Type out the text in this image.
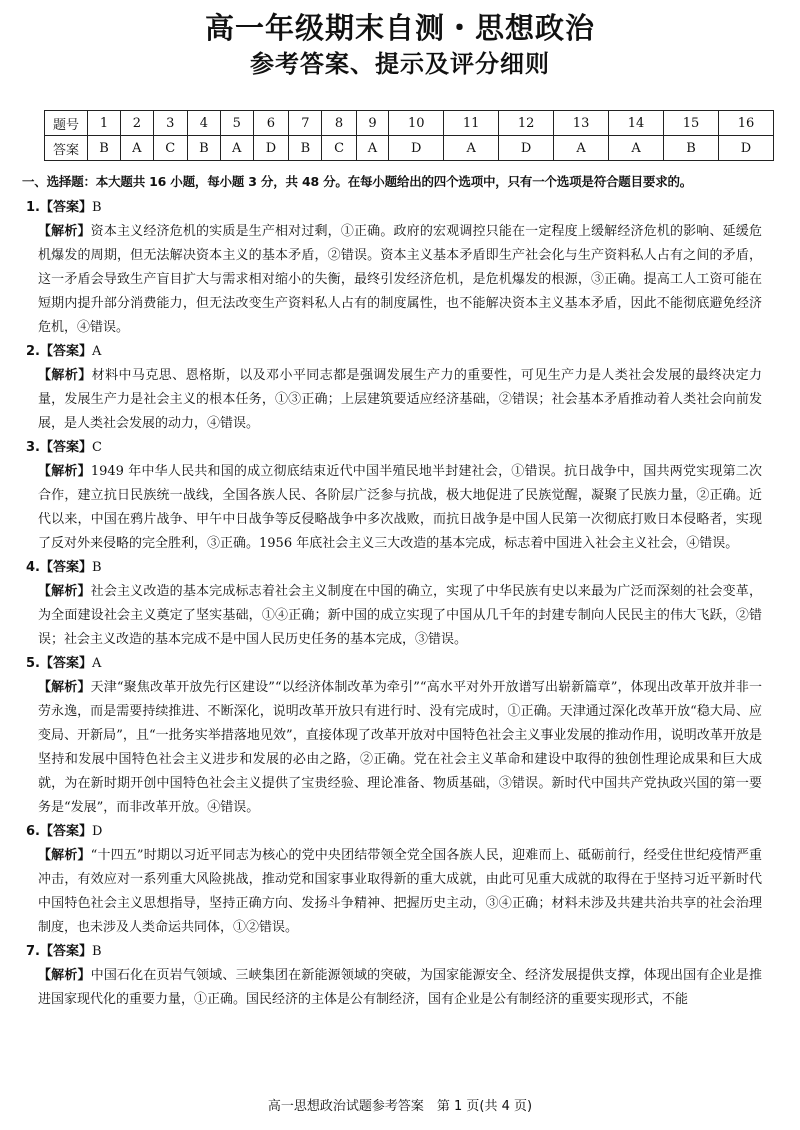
高一年级期末自测・思想政治
参考答案、提示及评分细则
题号	1	2	3	4	5	6	7	8	9	10	11	12	13	14	15	16
答案	B	A	C	B	A	D	B	C	A	D	A	D	A	A	B	D
一、选择题：本大题共 16 小题，每小题 3 分，共 48 分。在每小题给出的四个选项中，只有一个选项是符合题目要求的。

1.【答案】B

【解析】资本主义经济危机的实质是生产相对过剩，①正确。政府的宏观调控只能在一定程度上缓解经济危机的影响、延缓危机爆发的周期，但无法解决资本主义的基本矛盾，②错误。资本主义基本矛盾即生产社会化与生产资料私人占有之间的矛盾，这一矛盾会导致生产盲目扩大与需求相对缩小的失衡，最终引发经济危机，是危机爆发的根源，③正确。提高工人工资可能在短期内提升部分消费能力，但无法改变生产资料私人占有的制度属性，也不能解决资本主义基本矛盾，因此不能彻底避免经济危机，④错误。

2.【答案】A

【解析】材料中马克思、恩格斯，以及邓小平同志都是强调发展生产力的重要性，可见生产力是人类社会发展的最终决定力量，发展生产力是社会主义的根本任务，①③正确；上层建筑要适应经济基础，②错误；社会基本矛盾推动着人类社会向前发展，是人类社会发展的动力，④错误。

3.【答案】C

【解析】1949 年中华人民共和国的成立彻底结束近代中国半殖民地半封建社会，①错误。抗日战争中，国共两党实现第二次合作，建立抗日民族统一战线，全国各族人民、各阶层广泛参与抗战，极大地促进了民族觉醒，凝聚了民族力量，②正确。近代以来，中国在鸦片战争、甲午中日战争等反侵略战争中多次战败，而抗日战争是中国人民第一次彻底打败日本侵略者，实现了反对外来侵略的完全胜利，③正确。1956 年底社会主义三大改造的基本完成，标志着中国进入社会主义社会，④错误。

4.【答案】B

【解析】社会主义改造的基本完成标志着社会主义制度在中国的确立，实现了中华民族有史以来最为广泛而深刻的社会变革，为全面建设社会主义奠定了坚实基础，①④正确；新中国的成立实现了中国从几千年的封建专制向人民民主的伟大飞跃，②错误；社会主义改造的基本完成不是中国人民历史任务的基本完成，③错误。

5.【答案】A

【解析】天津“聚焦改革开放先行区建设”“以经济体制改革为牵引”“高水平对外开放谱写出崭新篇章”，体现出改革开放并非一劳永逸，而是需要持续推进、不断深化，说明改革开放只有进行时、没有完成时，①正确。天津通过深化改革开放“稳大局、应变局、开新局”，且“一批务实举措落地见效”，直接体现了改革开放对中国特色社会主义事业发展的推动作用，说明改革开放是坚持和发展中国特色社会主义进步和发展的必由之路，②正确。党在社会主义革命和建设中取得的独创性理论成果和巨大成就，为在新时期开创中国特色社会主义提供了宝贵经验、理论准备、物质基础，③错误。新时代中国共产党执政兴国的第一要务是“发展”，而非改革开放。④错误。

6.【答案】D

【解析】“十四五”时期以习近平同志为核心的党中央团结带领全党全国各族人民，迎难而上、砥砺前行，经受住世纪疫情严重冲击，有效应对一系列重大风险挑战，推动党和国家事业取得新的重大成就，由此可见重大成就的取得在于坚持习近平新时代中国特色社会主义思想指导，坚持正确方向、发扬斗争精神、把握历史主动，③④正确；材料未涉及共建共治共享的社会治理制度，也未涉及人类命运共同体，①②错误。

7.【答案】B

【解析】中国石化在页岩气领域、三峡集团在新能源领域的突破，为国家能源安全、经济发展提供支撑，体现出国有企业是推进国家现代化的重要力量，①正确。国民经济的主体是公有制经济，国有企业是公有制经济的重要实现形式，不能

高一思想政治试题参考答案　第 1 页(共 4 页)
